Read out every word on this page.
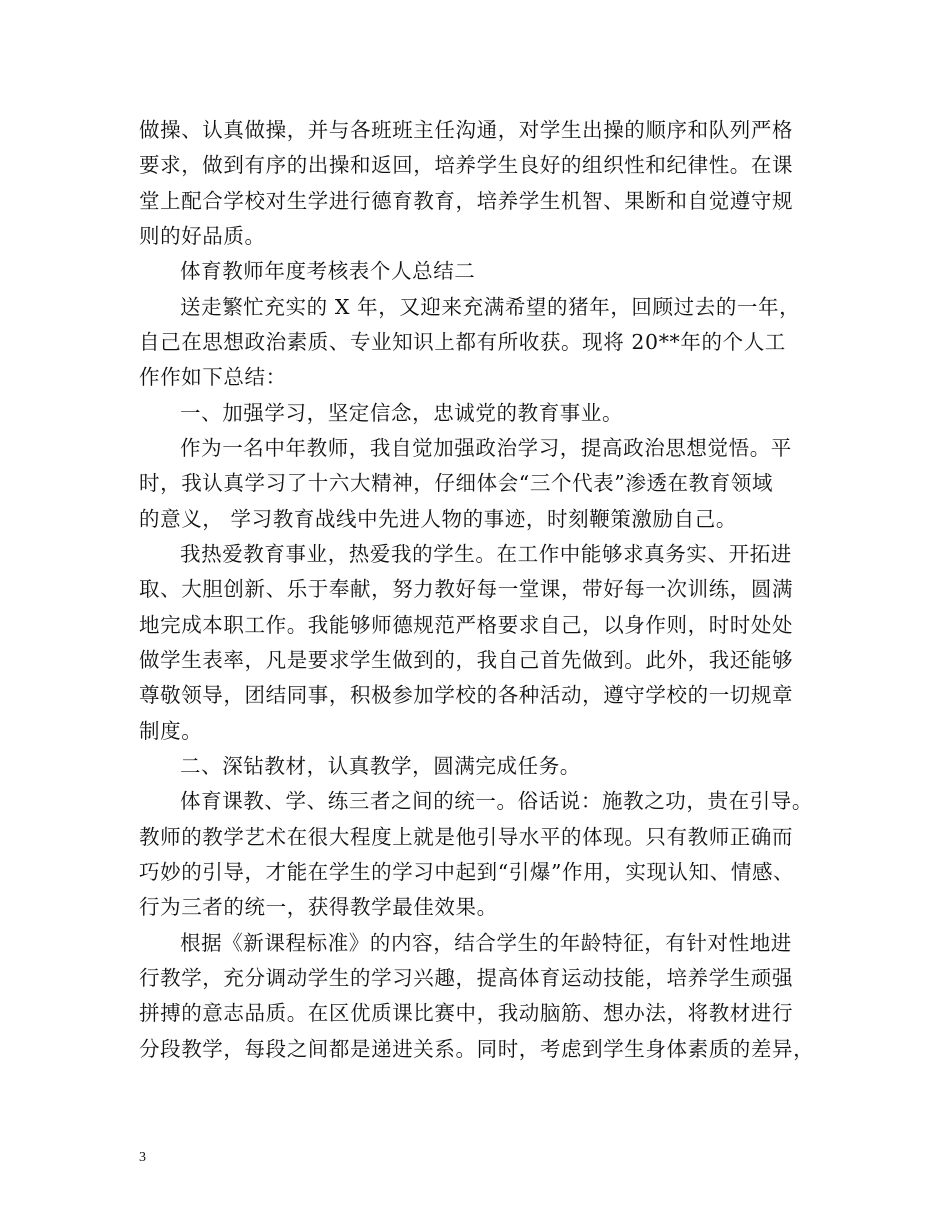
做操、认真做操，并与各班班主任沟通，对学生出操的顺序和队列严格
要求，做到有序的出操和返回，培养学生良好的组织性和纪律性。在课
堂上配合学校对生学进行德育教育，培养学生机智、果断和自觉遵守规
则的好品质。
体育教师年度考核表个人总结二
送走繁忙充实的 X 年，又迎来充满希望的猪年，回顾过去的一年，
自己在思想政治素质、专业知识上都有所收获。现将 20**年的个人工
作作如下总结：
一、加强学习，坚定信念，忠诚党的教育事业。
作为一名中年教师，我自觉加强政治学习，提高政治思想觉悟。平
时，我认真学习了十六大精神，仔细体会“三个代表”渗透在教育领域
的意义， 学习教育战线中先进人物的事迹，时刻鞭策激励自己。
我热爱教育事业，热爱我的学生。在工作中能够求真务实、开拓进
取、大胆创新、乐于奉献，努力教好每一堂课，带好每一次训练，圆满
地完成本职工作。我能够师德规范严格要求自己，以身作则，时时处处
做学生表率，凡是要求学生做到的，我自己首先做到。此外，我还能够
尊敬领导，团结同事，积极参加学校的各种活动，遵守学校的一切规章
制度。
二、深钻教材，认真教学，圆满完成任务。
体育课教、学、练三者之间的统一。俗话说：施教之功，贵在引导。
教师的教学艺术在很大程度上就是他引导水平的体现。只有教师正确而
巧妙的引导，才能在学生的学习中起到“引爆”作用，实现认知、情感、
行为三者的统一，获得教学最佳效果。
根据《新课程标准》的内容，结合学生的年龄特征，有针对性地进
行教学，充分调动学生的学习兴趣，提高体育运动技能，培养学生顽强
拼搏的意志品质。在区优质课比赛中，我动脑筋、想办法，将教材进行
分段教学，每段之间都是递进关系。同时，考虑到学生身体素质的差异，
3
